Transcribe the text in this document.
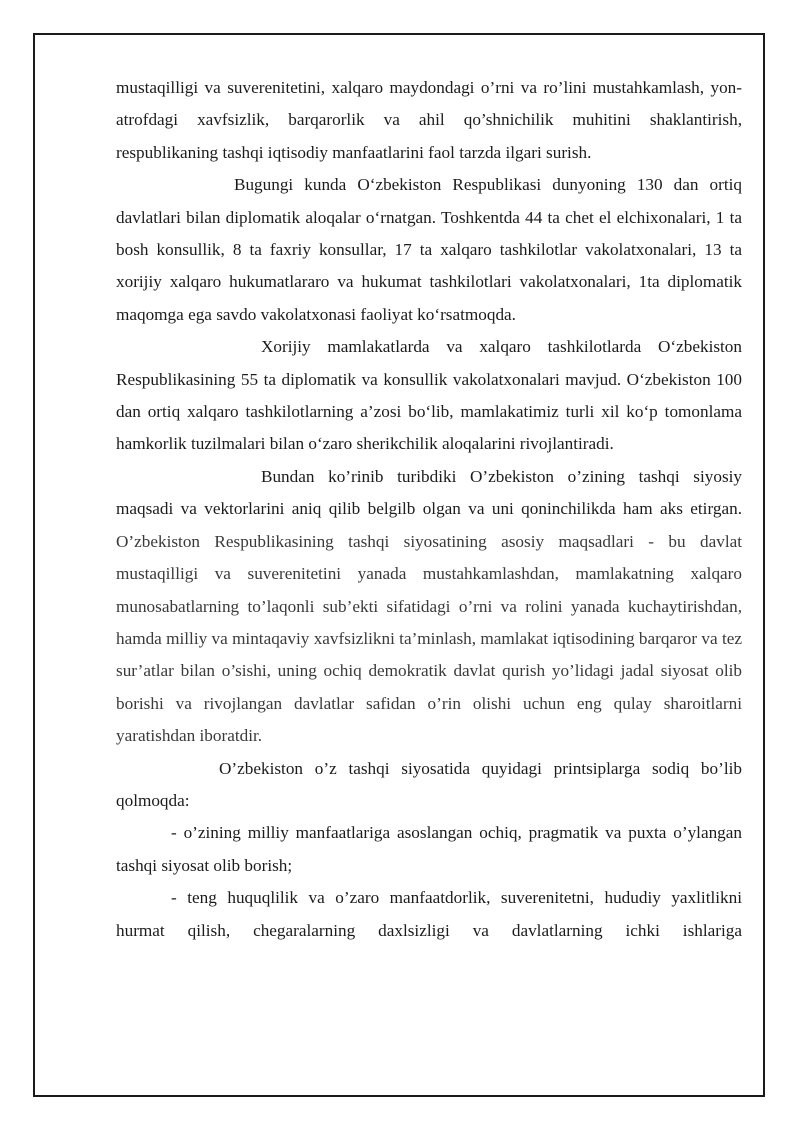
mustaqilligi va suverenitetini, xalqaro maydondagi o’rni va ro’lini mustahkamlash, yon-atrofdagi xavfsizlik, barqarorlik va ahil qo’shnichilik muhitini shaklantirish, respublikaning tashqi iqtisodiy manfaatlarini faol tarzda ilgari surish.

Bugungi kunda O‘zbekiston Respublikasi dunyoning 130 dan ortiq davlatlari bilan diplomatik aloqalar o‘rnatgan. Toshkentda 44 ta chet el elchixonalari, 1 ta bosh konsullik, 8 ta faxriy konsullar, 17 ta xalqaro tashkilotlar vakolatxonalari, 13 ta xorijiy xalqaro hukumatlararo va hukumat tashkilotlari vakolatxonalari, 1ta diplomatik maqomga ega savdo vakolatxonasi faoliyat ko‘rsatmoqda.

Xorijiy mamlakatlarda va xalqaro tashkilotlarda O‘zbekiston Respublikasining 55 ta diplomatik va konsullik vakolatxonalari mavjud. O‘zbekiston 100 dan ortiq xalqaro tashkilotlarning a’zosi bo‘lib, mamlakatimiz turli xil ko‘p tomonlama hamkorlik tuzilmalari bilan o‘zaro sherikchilik aloqalarini rivojlantiradi.

Bundan ko’rinib turibdiki O’zbekiston o’zining tashqi siyosiy maqsadi va vektorlarini aniq qilib belgilb olgan va uni qoninchilikda ham aks etirgan. O’zbekiston Respublikasining tashqi siyosatining asosiy maqsadlari - bu davlat mustaqilligi va suverenitetini yanada mustahkamlashdan, mamlakatning xalqaro munosabatlarning to’laqonli sub’ekti sifatidagi o’rni va rolini yanada kuchaytirishdan, hamda milliy va mintaqaviy xavfsizlikni ta’minlash, mamlakat iqtisodining barqaror va tez sur’atlar bilan o’sishi, uning ochiq demokratik davlat qurish yo’lidagi jadal siyosat olib borishi va rivojlangan davlatlar safidan o’rin olishi uchun eng qulay sharoitlarni yaratishdan iboratdir.

O’zbekiston o’z tashqi siyosatida quyidagi printsiplarga sodiq bo’lib qolmoqda:

- o’zining milliy manfaatlariga asoslangan ochiq, pragmatik va puxta o’ylangan tashqi siyosat olib borish;

- teng huquqlilik va o’zaro manfaatdorlik, suverenitetni, hududiy yaxlitlikni hurmat qilish, chegaralarning daxlsizligi va davlatlarning ichki ishlariga
